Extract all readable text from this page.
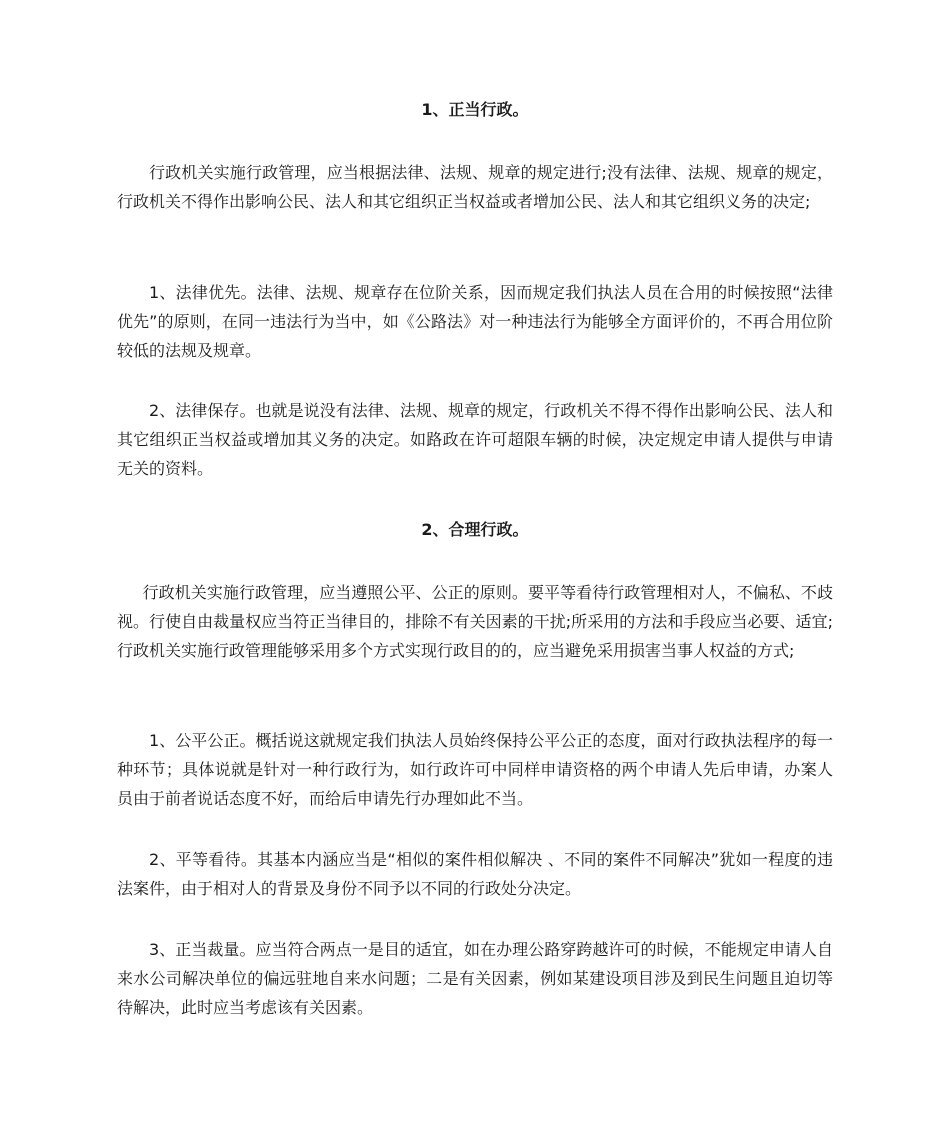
1、正当行政。
行政机关实施行政管理，应当根据法律、法规、规章的规定进行;没有法律、法规、规章的规定，行政机关不得作出影响公民、法人和其它组织正当权益或者增加公民、法人和其它组织义务的决定;
1、法律优先。法律、法规、规章存在位阶关系，因而规定我们执法人员在合用的时候按照“法律优先”的原则，在同一违法行为当中，如《公路法》对一种违法行为能够全方面评价的，不再合用位阶较低的法规及规章。
2、法律保存。也就是说没有法律、法规、规章的规定，行政机关不得不得作出影响公民、法人和其它组织正当权益或增加其义务的决定。如路政在许可超限车辆的时候，决定规定申请人提供与申请无关的资料。
2、合理行政。
行政机关实施行政管理，应当遵照公平、公正的原则。要平等看待行政管理相对人，不偏私、不歧视。行使自由裁量权应当符正当律目的，排除不有关因素的干扰;所采用的方法和手段应当必要、适宜;行政机关实施行政管理能够采用多个方式实现行政目的的，应当避免采用损害当事人权益的方式;
1、公平公正。概括说这就规定我们执法人员始终保持公平公正的态度，面对行政执法程序的每一种环节；具体说就是针对一种行政行为，如行政许可中同样申请资格的两个申请人先后申请，办案人员由于前者说话态度不好，而给后申请先行办理如此不当。
2、平等看待。其基本内涵应当是“相似的案件相似解决 、不同的案件不同解决”犹如一程度的违法案件，由于相对人的背景及身份不同予以不同的行政处分决定。
3、正当裁量。应当符合两点一是目的适宜，如在办理公路穿跨越许可的时候，不能规定申请人自来水公司解决单位的偏远驻地自来水问题；二是有关因素，例如某建设项目涉及到民生问题且迫切等待解决，此时应当考虑该有关因素。
